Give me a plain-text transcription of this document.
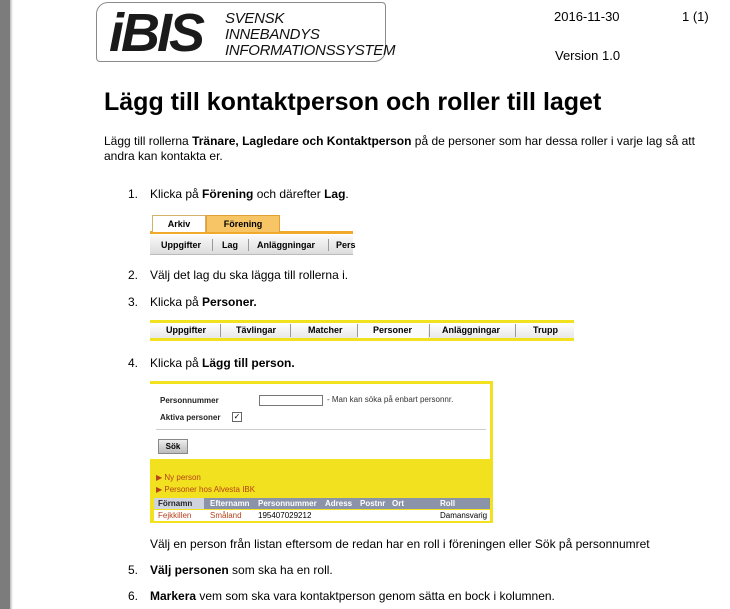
iBIS SVENSK
INNEBANDYS
INFORMATIONSSYSTEM
2016-11-30	1 (1)
Version 1.0
Lägg till kontaktperson och roller till laget
Lägg till rollerna Tränare, Lagledare och Kontaktperson på de personer som har dessa roller i varje lag så att andra kan kontakta er.
1. Klicka på Förening och därefter Lag.
Arkiv	Förening
Uppgifter Lag Anläggningar Pers
2. Välj det lag du ska lägga till rollerna i.
3. Klicka på Personer.
Uppgifter	Tävlingar	Matcher	Personer	Anläggningar	Trupp
4. Klicka på Lägg till person.
Personnummer	- Man kan söka på enbart personnr.
Aktiva personer ✓
Sök
▶ Ny person
▶ Personer hos Alvesta IBK
Förnamn Efternamn Personnummer Adress Postnr Ort	Roll
Fejkkillen Småland 195407029212	Damansvarig
Välj en person från listan eftersom de redan har en roll i föreningen eller Sök på personnumret
5. Välj personen som ska ha en roll.
6. Markera vem som ska vara kontaktperson genom sätta en bock i kolumnen.
